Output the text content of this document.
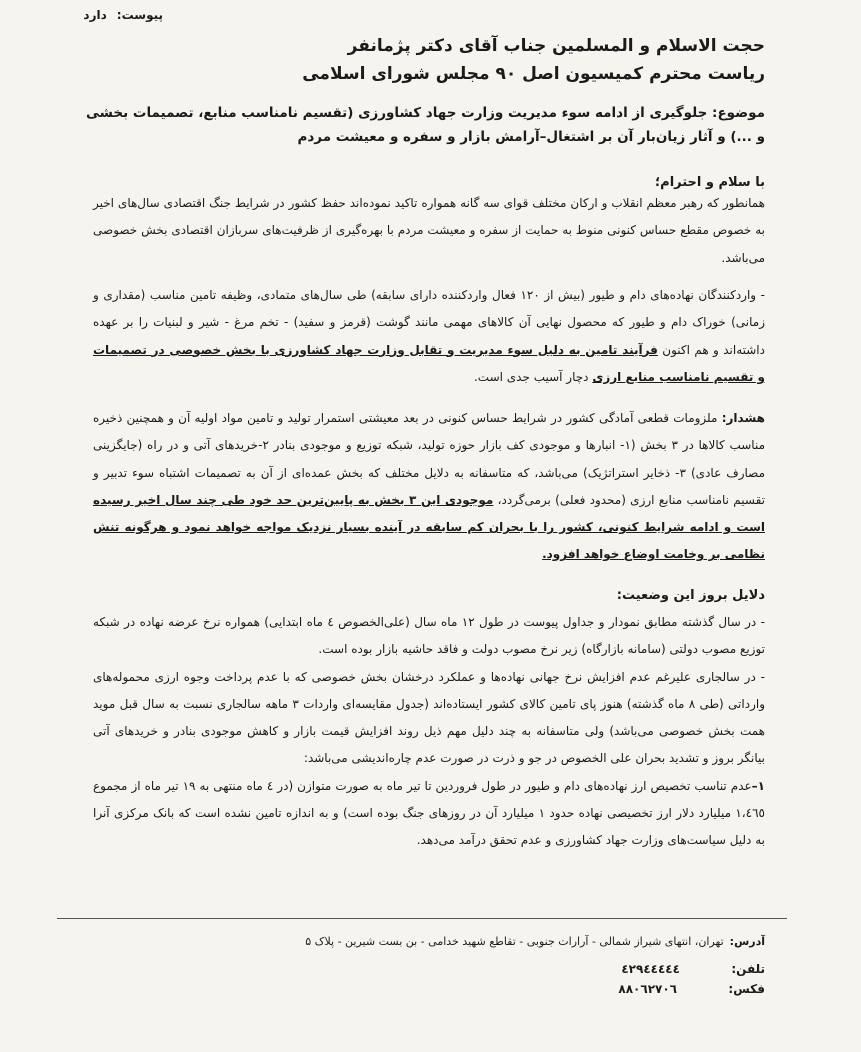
پیوست:دارد
حجت الاسلام و المسلمین جناب آقای دکتر پژمانفر
ریاست محترم کمیسیون اصل ۹۰ مجلس شورای اسلامی
موضوع: جلوگیری از ادامه سوء مدیریت وزارت جهاد کشاورزی (تقسیم نامناسب منابع، تصمیمات بخشی و ...) و آثار زیان‌بار آن بر اشتغال–آرامش بازار و سفره و معیشت مردم
با سلام و احترام؛
همانطور که رهبر معظم انقلاب و ارکان مختلف قوای سه گانه همواره تاکید نموده‌اند حفظ کشور در شرایط جنگ اقتصادی سال‌های اخیر به خصوص مقطع حساس کنونی منوط به حمایت از سفره و معیشت مردم با بهره‌گیری از ظرفیت‌های سربازان اقتصادی بخش خصوصی می‌باشد.
- واردکنندگان نهاده‌های دام و طیور (بیش از ۱۲۰ فعال واردکننده دارای سابقه) طی سال‌های متمادی، وظیفه تامین مناسب (مقداری و زمانی) خوراک دام و طیور که محصول نهایی آن کالاهای مهمی مانند گوشت (قرمز و سفید) - تخم مرغ - شیر و لبنیات را بر عهده داشته‌اند و هم اکنون فرآیند تامین به دلیل سوء مدیریت و تقابل وزارت جهاد کشاورزی با بخش خصوصی در تصمیمات و تقسیم نامناسب منابع ارزی دچار آسیب جدی است.
هشدار: ملزومات قطعی آمادگی کشور در شرایط حساس کنونی در بعد معیشتی استمرار تولید و تامین مواد اولیه آن و همچنین ذخیره مناسب کالاها در ۳ بخش (۱- انبارها و موجودی کف بازار حوزه تولید، شبکه توزیع و موجودی بنادر ۲-خریدهای آتی و در راه (جایگزینی مصارف عادی) ۳- ذخایر استراتژیک) می‌باشد، که متاسفانه به دلایل مختلف که بخش عمده‌ای از آن به تصمیمات اشتباه سوء تدبیر و تقسیم نامناسب منابع ارزی (محدود فعلی) برمی‌گردد، موجودی این ۳ بخش به پایین‌ترین حد خود طی چند سال اخیر رسیده است و ادامه شرایط کنونی، کشور را با بحران کم سابقه در آینده بسیار نزدیک مواجه خواهد نمود و هرگونه تنش نظامی بر وخامت اوضاع خواهد افزود.
دلایل بروز این وضعیت:
- در سال گذشته مطابق نمودار و جداول پیوست در طول ۱۲ ماه سال (علی‌الخصوص ٤ ماه ابتدایی) همواره نرخ عرضه نهاده در شبکه توزیع مصوب دولتی (سامانه بازارگاه) زیر نرخ مصوب دولت و فاقد حاشیه بازار بوده است.
- در سالجاری علیرغم عدم افزایش نرخ جهانی نهاده‌ها و عملکرد درخشان بخش خصوصی که با عدم پرداخت وجوه ارزی محموله‌های وارداتی (طی ۸ ماه گذشته) هنوز پای تامین کالای کشور ایستاده‌اند (جدول مقایسه‌ای واردات ۳ ماهه سالجاری نسبت به سال قبل موید همت بخش خصوصی می‌باشد) ولی متاسفانه به چند دلیل مهم ذیل روند افزایش قیمت بازار و کاهش موجودی بنادر و خریدهای آتی بیانگر بروز و تشدید بحران علی الخصوص در جو و ذرت در صورت عدم چاره‌اندیشی می‌باشد:
۱–عدم تناسب تخصیص ارز نهاده‌های دام و طیور در طول فروردین تا تیر ماه به صورت متوازن (در ٤ ماه منتهی به ۱۹ تیر ماه از مجموع ۱،٤٦٥ میلیارد دلار ارز تخصیصی نهاده حدود ۱ میلیارد آن در روزهای جنگ بوده است) و به اندازه تامین نشده است که بانک مرکزی آنرا به دلیل سیاست‌های وزارت جهاد کشاورزی و عدم تحقق درآمد می‌دهد.
آدرس:تهران، انتهای شیراز شمالی - آرارات جنوبی - تقاطع شهید خدامی - بن بست شیرین - پلاک ۵
تلفن:٤٢٩٤٤٤٤٤
فکس:٨٨٠٦٢٧٠٦
